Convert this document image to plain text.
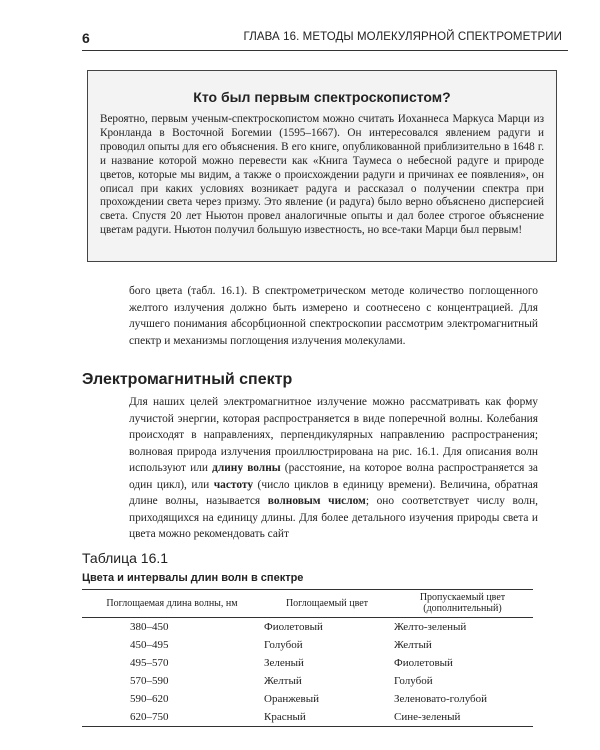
6	ГЛАВА 16. МЕТОДЫ МОЛЕКУЛЯРНОЙ СПЕКТРОМЕТРИИ
Кто был первым спектроскопистом?

Вероятно, первым ученым-спектроскопистом можно считать Иоханнеса Маркуса Марци из Кронланда в Восточной Богемии (1595–1667). Он интересовался явлением радуги и проводил опыты для его объяснения. В его книге, опубликованной приблизительно в 1648 г. и название которой можно перевести как «Книга Таумеса о небесной радуге и природе цветов, которые мы видим, а также о происхождении радуги и причинах ее появления», он описал при каких условиях возникает радуга и рассказал о получении спектра при прохождении света через призму. Это явление (и радуга) было верно объяснено дисперсией света. Спустя 20 лет Ньютон провел аналогичные опыты и дал более строгое объяснение цветам радуги. Ньютон получил большую известность, но все-таки Марци был первым!

бого цвета (табл. 16.1). В спектрометрическом методе количество поглощенного желтого излучения должно быть измерено и соотнесено с концентрацией. Для лучшего понимания абсорбционной спектроскопии рассмотрим электромагнитный спектр и механизмы поглощения излучения молекулами.

Электромагнитный спектр

Для наших целей электромагнитное излучение можно рассматривать как форму лучистой энергии, которая распространяется в виде поперечной волны. Колебания происходят в направлениях, перпендикулярных направлению распространения; волновая природа излучения проиллюстрирована на рис. 16.1. Для описания волн используют или длину волны (расстояние, на которое волна распространяется за один цикл), или частоту (число циклов в единицу времени). Величина, обратная длине волны, называется волновым числом; оно соответствует числу волн, приходящихся на единицу длины. Для более детального изучения природы света и цвета можно рекомендовать сайт

Таблица 16.1
Цвета и интервалы длин волн в спектре
Поглощаемая длина волны, нм	Поглощаемый цвет	Пропускаемый цвет (дополнительный)
380–450	Фиолетовый	Желто-зеленый
450–495	Голубой	Желтый
495–570	Зеленый	Фиолетовый
570–590	Желтый	Голубой
590–620	Оранжевый	Зеленовато-голубой
620–750	Красный	Сине-зеленый
